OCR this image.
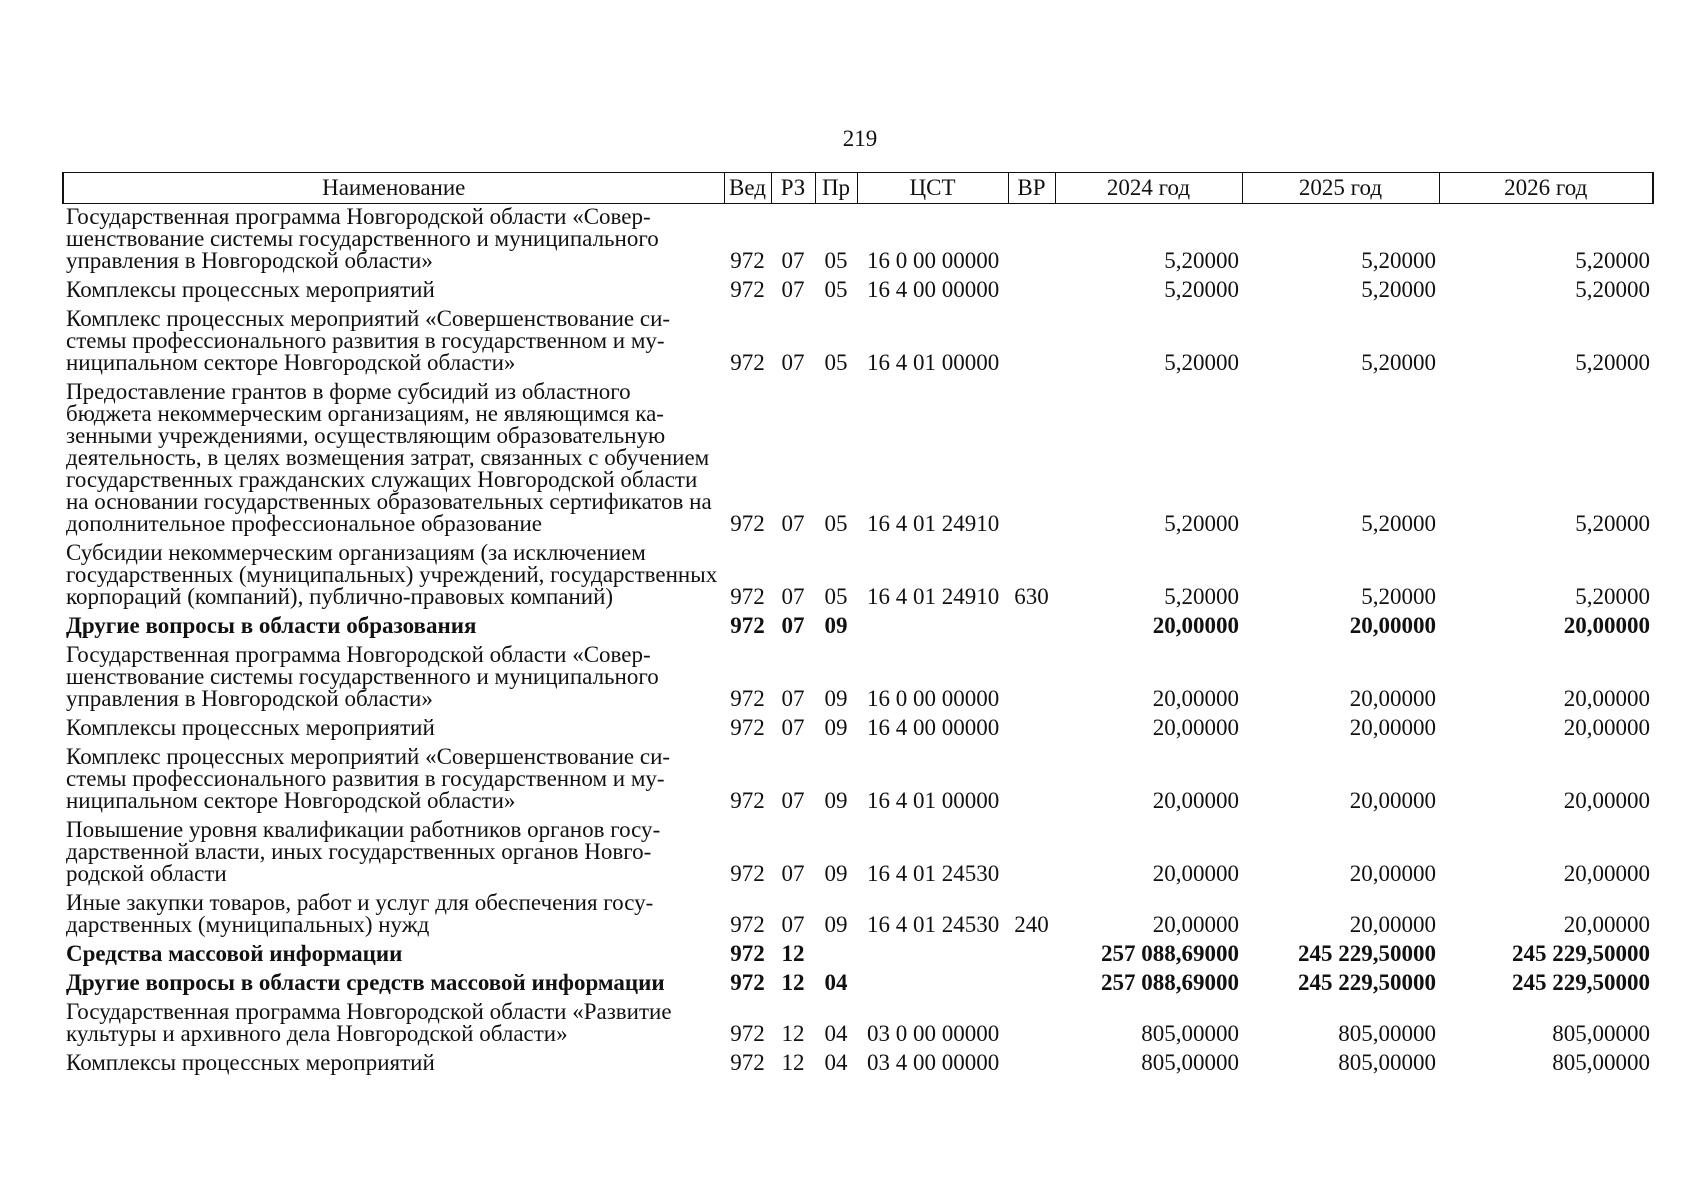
219
Наименование	Вед	РЗ	Пр	ЦСТ	ВР	2024 год	2025 год	2026 год
Государственная программа Новгородской области «Совершенствование системы государственного и муниципального управления в Новгородской области»	972	07	05	16 0 00 00000		5,20000	5,20000	5,20000
Комплексы процессных мероприятий	972	07	05	16 4 00 00000		5,20000	5,20000	5,20000
Комплекс процессных мероприятий «Совершенствование системы профессионального развития в государственном и муниципальном секторе Новгородской области»	972	07	05	16 4 01 00000		5,20000	5,20000	5,20000
Предоставление грантов в форме субсидий из областного бюджета некоммерческим организациям, не являющимся казенными учреждениями, осуществляющим образовательную деятельность, в целях возмещения затрат, связанных с обучением государственных гражданских служащих Новгородской области на основании государственных образовательных сертификатов на дополнительное профессиональное образование	972	07	05	16 4 01 24910		5,20000	5,20000	5,20000
Субсидии некоммерческим организациям (за исключением государственных (муниципальных) учреждений, государственных корпораций (компаний), публично-правовых компаний)	972	07	05	16 4 01 24910	630	5,20000	5,20000	5,20000
Другие вопросы в области образования	972	07	09			20,00000	20,00000	20,00000
Государственная программа Новгородской области «Совершенствование системы государственного и муниципального управления в Новгородской области»	972	07	09	16 0 00 00000		20,00000	20,00000	20,00000
Комплексы процессных мероприятий	972	07	09	16 4 00 00000		20,00000	20,00000	20,00000
Комплекс процессных мероприятий «Совершенствование системы профессионального развития в государственном и муниципальном секторе Новгородской области»	972	07	09	16 4 01 00000		20,00000	20,00000	20,00000
Повышение уровня квалификации работников органов государственной власти, иных государственных органов Новгородской области	972	07	09	16 4 01 24530		20,00000	20,00000	20,00000
Иные закупки товаров, работ и услуг для обеспечения государственных (муниципальных) нужд	972	07	09	16 4 01 24530	240	20,00000	20,00000	20,00000
Средства массовой информации	972	12				257 088,69000	245 229,50000	245 229,50000
Другие вопросы в области средств массовой информации	972	12	04			257 088,69000	245 229,50000	245 229,50000
Государственная программа Новгородской области «Развитие культуры и архивного дела Новгородской области»	972	12	04	03 0 00 00000		805,00000	805,00000	805,00000
Комплексы процессных мероприятий	972	12	04	03 4 00 00000		805,00000	805,00000	805,00000
